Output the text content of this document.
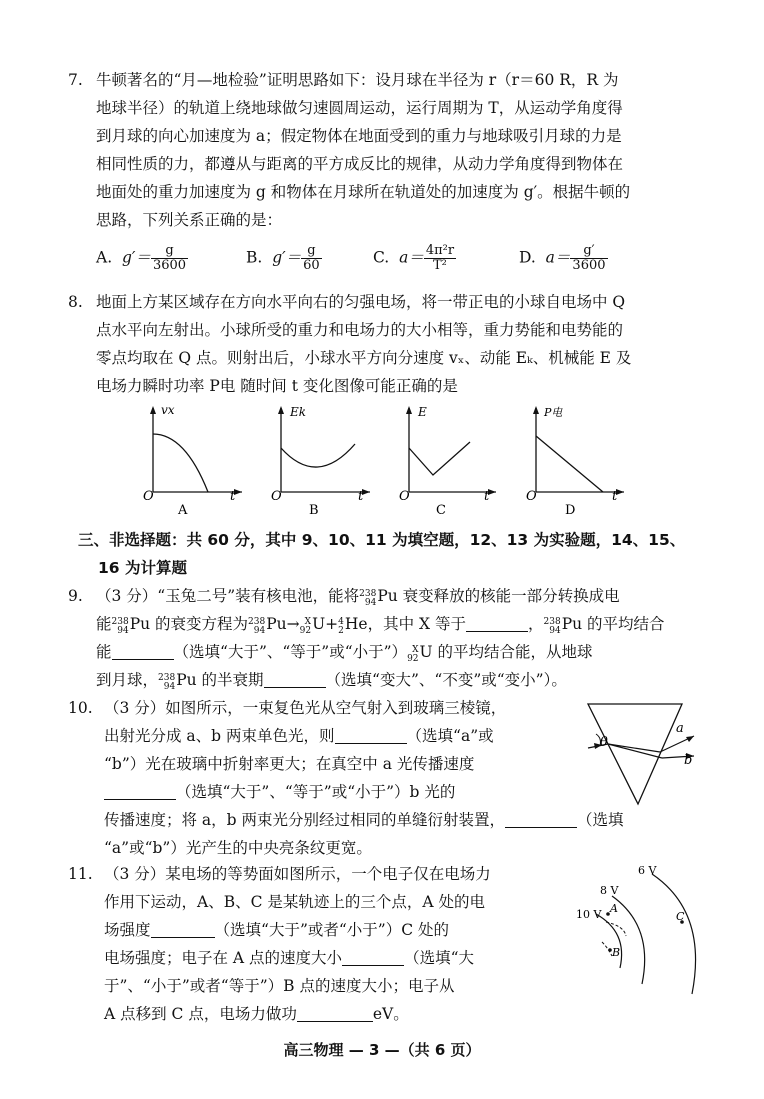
7. 牛顿著名的“月—地检验”证明思路如下：设月球在半径为 r（r＝60 R，R 为

地球半径）的轨道上绕地球做匀速圆周运动，运行周期为 T，从运动学角度得

到月球的向心加速度为 a；假定物体在地面受到的重力与地球吸引月球的力是

相同性质的力，都遵从与距离的平方成反比的规律，从动力学角度得到物体在

地面处的重力加速度为 g 和物体在月球所在轨道处的加速度为 g′。根据牛顿的

思路，下列关系正确的是：

A. $g'= \frac{g}{3600}$	B. $g'= \frac{g}{60}$	C. $a= \frac{\text{4π²r}}{\text{T²}}$	D. $a= \frac{g'}{3600}$
8. 地面上方某区域存在方向水平向右的匀强电场，将一带正电的小球自电场中 Q

点水平向左射出。小球所受的重力和电场力的大小相等，重力势能和电势能的

零点均取在 Q 点。则射出后，小球水平方向分速度 vₓ、动能 Eₖ、机械能 E 及

电场力瞬时功率 P电 随时间 t 变化图像可能正确的是

vx
O	t
A
Ek
O	t
B
E
O	t
C
P电
O	t
D

三、非选择题：共 60 分，其中 9、10、11 为填空题，12、13 为实验题，14、15、

16 为计算题

9. （3 分）“玉兔二号”装有核电池，能将 238
94 Pu 衰变释放的核能一部分转换成电

能 238
94 Pu 的衰变方程为 238
94 Pu→ X
92 U+ 4
2 He，其中 X 等于	， 238
94 Pu 的平均结合

能	（选填“大于”、“等于”或“小于”） X
92 U 的平均结合能，从地球

到月球， 238
94 Pu 的半衰期	（选填“变大”、“不变”或“变小”）。

10. （3 分）如图所示，一束复色光从空气射入到玻璃三棱镜，

出射光分成 a、b 两束单色光，则	（选填“a”或

“b”）光在玻璃中折射率更大；在真空中 a 光传播速度

（选填“大于”、“等于”或“小于”）b 光的

传播速度；将 a，b 两束光分别经过相同的单缝衍射装置，	（选填

“a”或“b”）光产生的中央亮条纹更宽。

θ
a
b
11. （3 分）某电场的等势面如图所示，一个电子仅在电场力

作用下运动，A、B、C 是某轨迹上的三个点，A 处的电

场强度	（选填“大于”或者“小于”）C 处的

电场强度；电子在 A 点的速度大小	（选填“大

于”、“小于”或者“等于”）B 点的速度大小；电子从

A 点移到 C 点，电场力做功	eV。

6 V
8 V
10 V A
B
C
高三物理 — 3 —（共 6 页）
